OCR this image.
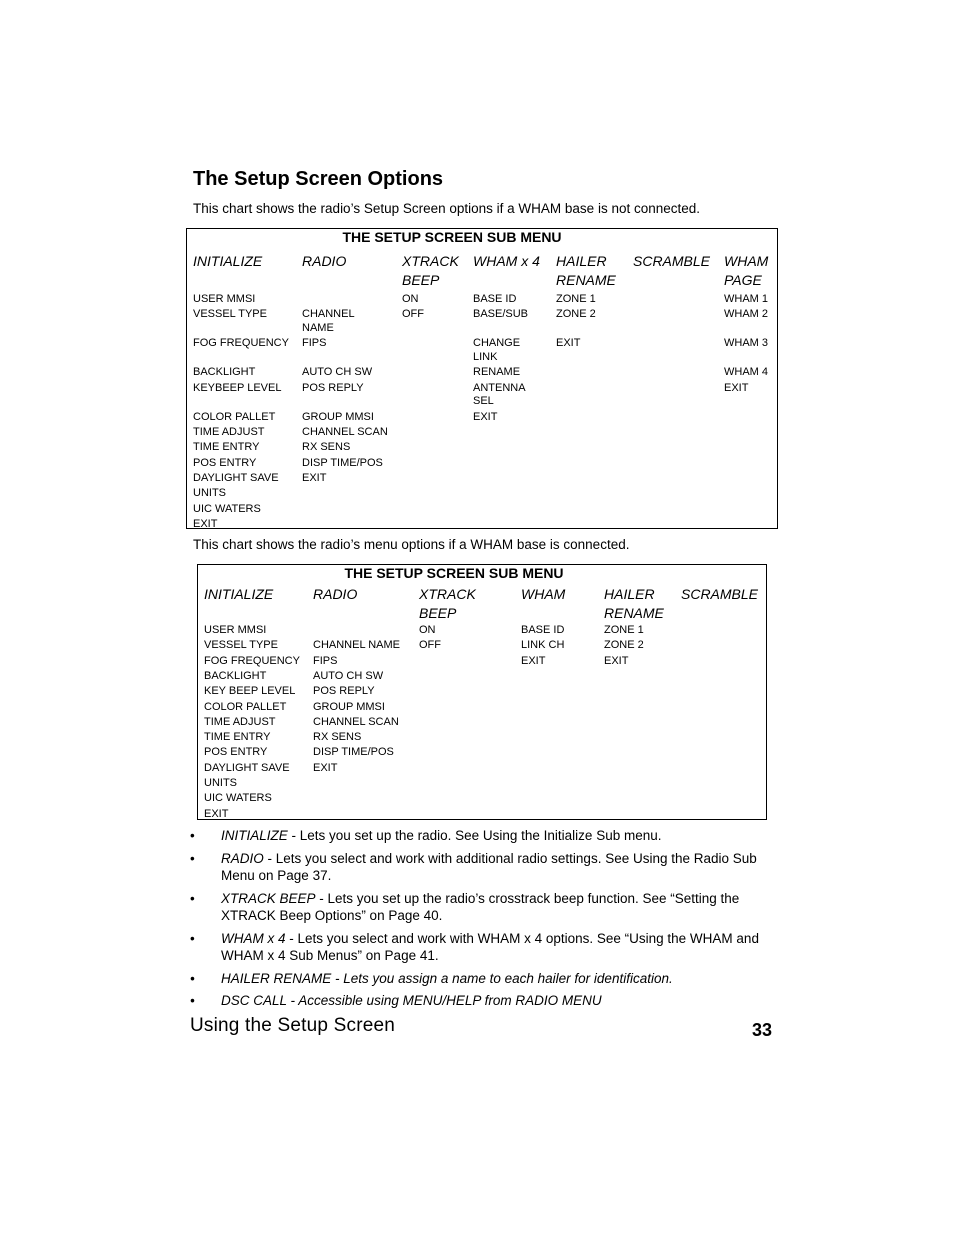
The Setup Screen Options
This chart shows the radio’s Setup Screen options if a WHAM base is not connected.
THE SETUP SCREEN SUB MENU
INITIALIZE
USER MMSI
VESSEL TYPE
FOG FREQUENCY
BACKLIGHT
KEYBEEP LEVEL
COLOR PALLET
TIME ADJUST
TIME ENTRY
POS ENTRY
DAYLIGHT SAVE
UNITS
UIC WATERS
EXIT
RADIO
CHANNEL
NAME
FIPS
AUTO CH SW
POS REPLY
GROUP MMSI
CHANNEL SCAN
RX SENS
DISP TIME/POS
EXIT
XTRACK
BEEP
ON
OFF
WHAM x 4
BASE ID
BASE/SUB
CHANGE
LINK
RENAME
ANTENNA
SEL
EXIT
HAILER
RENAME
ZONE 1
ZONE 2
EXIT
SCRAMBLE WHAM
PAGE
WHAM 1
WHAM 2
WHAM 3
WHAM 4
EXIT
This chart shows the radio’s menu options if a WHAM base is connected.
THE SETUP SCREEN SUB MENU
INITIALIZE
USER MMSI
VESSEL TYPE
FOG FREQUENCY
BACKLIGHT
KEY BEEP LEVEL
COLOR PALLET
TIME ADJUST
TIME ENTRY
POS ENTRY
DAYLIGHT SAVE
UNITS
UIC WATERS
EXIT
RADIO
CHANNEL NAME
FIPS
AUTO CH SW
POS REPLY
GROUP MMSI
CHANNEL SCAN
RX SENS
DISP TIME/POS
EXIT
XTRACK
BEEP
ON
OFF
WHAM
BASE ID
LINK CH
EXIT
HAILER
RENAME
ZONE 1
ZONE 2
EXIT
SCRAMBLE
• INITIALIZE - Lets you set up the radio. See Using the Initialize Sub menu.
• RADIO - Lets you select and work with additional radio settings. See Using the Radio Sub Menu on Page 37.
• XTRACK BEEP - Lets you set up the radio’s crosstrack beep function. See “Setting the XTRACK Beep Options” on Page 40.
• WHAM x 4 - Lets you select and work with WHAM x 4 options. See “Using the WHAM and WHAM x 4 Sub Menus” on Page 41.
• HAILER RENAME - Lets you assign a name to each hailer for identification.
• DSC CALL - Accessible using MENU/HELP from RADIO MENU
Using the Setup Screen	33
